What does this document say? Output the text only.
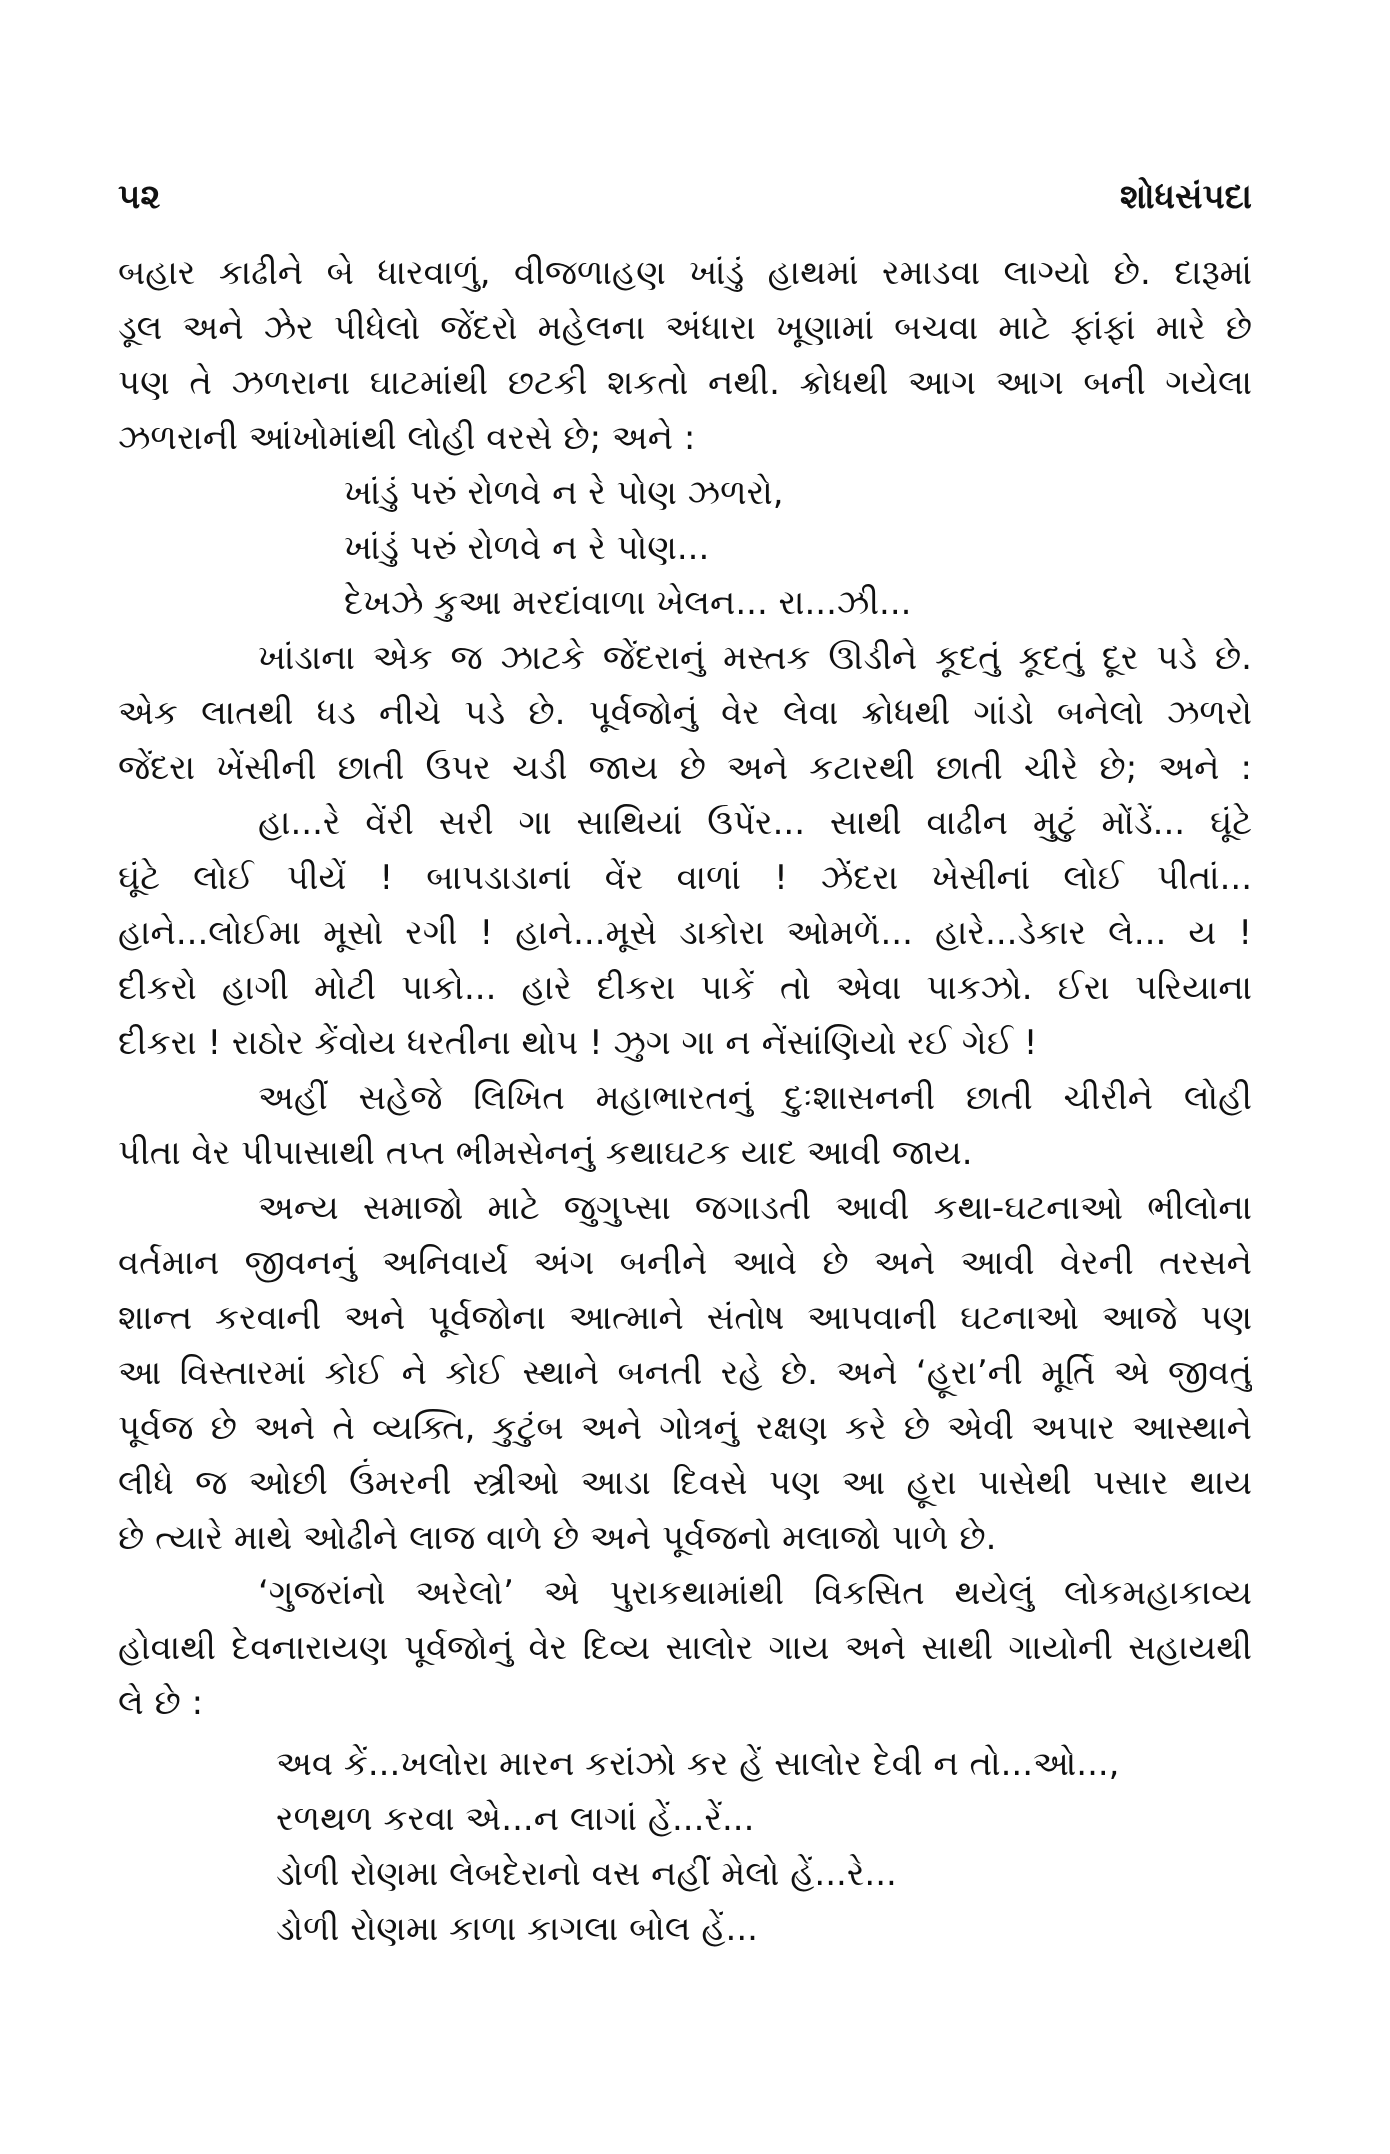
૫૨	શોધસંપદા
બહાર કાઢીને બે ધારવાળું, વીજળાહણ ખાંડું હાથમાં રમાડવા લાગ્યો છે. દારૂમાં
ડૂલ અને ઝેર પીધેલો જેંદરો મહેલના અંધારા ખૂણામાં બચવા માટે ફાંફાં મારે છે
પણ તે ઝળરાના ઘાટમાંથી છટકી શકતો નથી. ક્રોધથી આગ આગ બની ગયેલા
ઝળરાની આંખોમાંથી લોહી વરસે છે; અને :
ખાંડું પરું રોળવે ન રે પોણ ઝળરો,
ખાંડું પરું રોળવે ન રે પોણ...
દેખઝે કુઆ મરદાંવાળા ખેલન... રા...ઝી...
ખાંડાના એક જ ઝાટકે જેંદરાનું મસ્તક ઊડીને કૂદતું કૂદતું દૂર પડે છે.
એક લાતથી ધડ નીચે પડે છે. પૂર્વજોનું વેર લેવા ક્રોધથી ગાંડો બનેલો ઝળરો
જેંદરા ખેંસીની છાતી ઉપર ચડી જાય છે અને કટારથી છાતી ચીરે છે; અને :
હા...રે વેંરી સરી ગા સાથિયાં ઉપેંર... સાથી વાઢીન મુટું મોંડેં... ઘૂંટે
ઘૂંટે લોઈ પીયેં ! બાપડાડાનાં વેંર વાળાં ! ઝેંદરા ખેસીનાં લોઈ પીતાં...
હાને...લોઈમા મૂસો રગી ! હાને...મૂસે ડાકોરા ઓમળેં... હારે...ડેકાર લે... ય !
દીકરો હાગી મોટી પાકો... હારે દીકરા પાકેં તો એવા પાકઝો. ઈરા પરિયાના
દીકરા ! રાઠોર કેંવોય ધરતીના થોપ ! ઝુગ ગા ન નેંસાંણિયો રઈ ગેઈ !
અહીં સહેજે લિખિત મહાભારતનું દુઃશાસનની છાતી ચીરીને લોહી
પીતા વેર પીપાસાથી તપ્ત ભીમસેનનું કથાઘટક યાદ આવી જાય.
અન્ય સમાજો માટે જુગુપ્સા જગાડતી આવી કથા-ઘટનાઓ ભીલોના
વર્તમાન જીવનનું અનિવાર્ય અંગ બનીને આવે છે અને આવી વેરની તરસને
શાન્ત કરવાની અને પૂર્વજોના આત્માને સંતોષ આપવાની ઘટનાઓ આજે પણ
આ વિસ્તારમાં કોઈ ને કોઈ સ્થાને બનતી રહે છે. અને ‘હૂરા’ની મૂર્તિ એ જીવતું
પૂર્વજ છે અને તે વ્યક્તિ, કુટુંબ અને ગોત્રનું રક્ષણ કરે છે એવી અપાર આસ્થાને
લીધે જ ઓછી ઉંમરની સ્ત્રીઓ આડા દિવસે પણ આ હૂરા પાસેથી પસાર થાય
છે ત્યારે માથે ઓઢીને લાજ વાળે છે અને પૂર્વજનો મલાજો પાળે છે.
‘ગુજરાંનો અરેલો’ એ પુરાકથામાંથી વિકસિત થયેલું લોકમહાકાવ્ય
હોવાથી દેવનારાયણ પૂર્વજોનું વેર દિવ્ય સાલોર ગાય અને સાથી ગાયોની સહાયથી
લે છે :
અવ કેં...ખલોરા મારન કરાંઝો કર હેં સાલોર દેવી ન તો...ઓ...,
રળથળ કરવા એ...ન લાગાં હેં...રેં...
ડોળી રોણમા લેબદેરાનો વસ નહીં મેલો હેં...રે...
ડોળી રોણમા કાળા કાગલા બોલ હેં...
